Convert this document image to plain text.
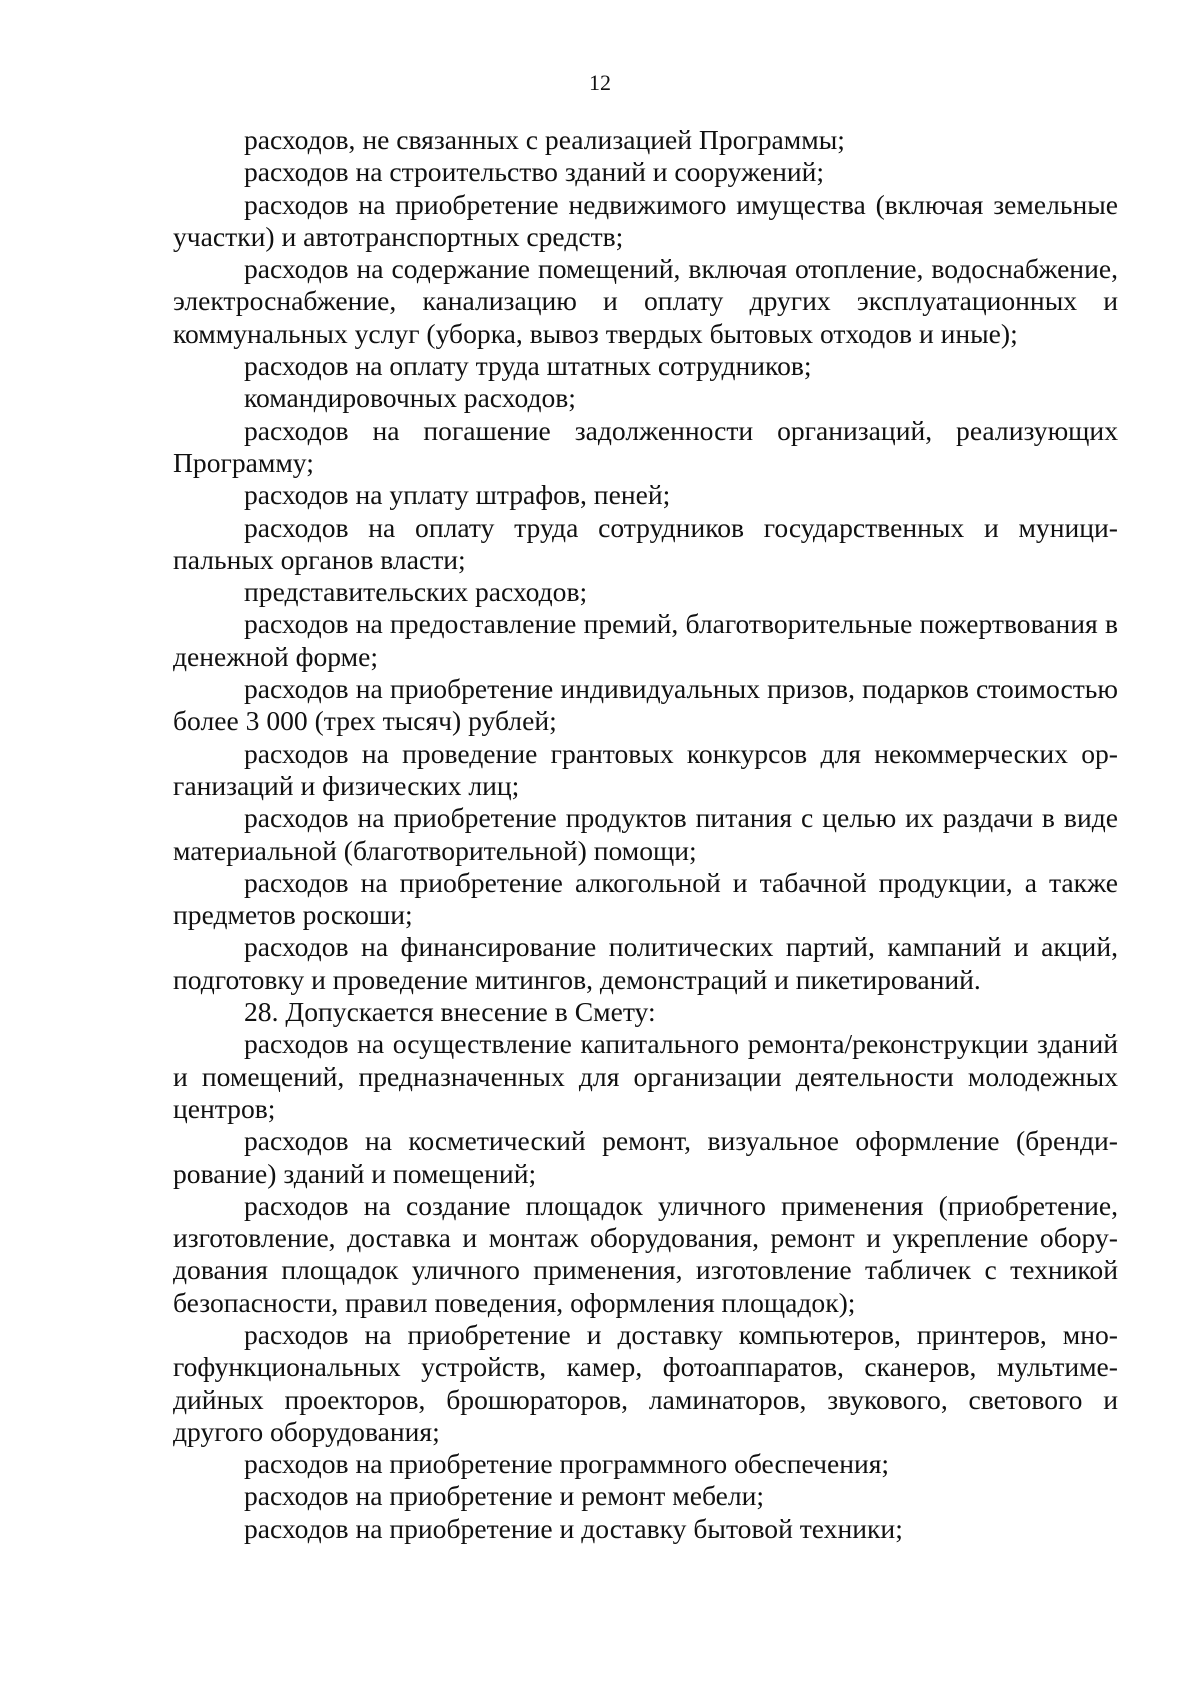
12

расходов, не связанных с реализацией Программы;

расходов на строительство зданий и сооружений;

расходов на приобретение недвижимого имущества (включая земельные участки) и автотранспортных средств;

расходов на содержание помещений, включая отопление, водоснабжение, электроснабжение, канализацию и оплату других эксплуатационных и коммунальных услуг (уборка, вывоз твердых бытовых отходов и иные);

расходов на оплату труда штатных сотрудников;

командировочных расходов;

расходов на погашение задолженности организаций, реализующих Программу;

расходов на уплату штрафов, пеней;

расходов на оплату труда сотрудников государственных и муниципальных органов власти;

представительских расходов;

расходов на предоставление премий, благотворительные пожертвования в денежной форме;

расходов на приобретение индивидуальных призов, подарков стоимостью более 3 000 (трех тысяч) рублей;

расходов на проведение грантовых конкурсов для некоммерческих организаций и физических лиц;

расходов на приобретение продуктов питания с целью их раздачи в виде материальной (благотворительной) помощи;

расходов на приобретение алкогольной и табачной продукции, а также предметов роскоши;

расходов на финансирование политических партий, кампаний и акций, подготовку и проведение митингов, демонстраций и пикетирований.

28. Допускается внесение в Смету:

расходов на осуществление капитального ремонта/реконструкции зданий и помещений, предназначенных для организации деятельности молодежных центров;

расходов на косметический ремонт, визуальное оформление (брендирование) зданий и помещений;

расходов на создание площадок уличного применения (приобретение, изготовление, доставка и монтаж оборудования, ремонт и укрепление оборудования площадок уличного применения, изготовление табличек с техникой безопасности, правил поведения, оформления площадок);

расходов на приобретение и доставку компьютеров, принтеров, многофункциональных устройств, камер, фотоаппаратов, сканеров, мультимедийных проекторов, брошюраторов, ламинаторов, звукового, светового и другого оборудования;

расходов на приобретение программного обеспечения;

расходов на приобретение и ремонт мебели;

расходов на приобретение и доставку бытовой техники;
